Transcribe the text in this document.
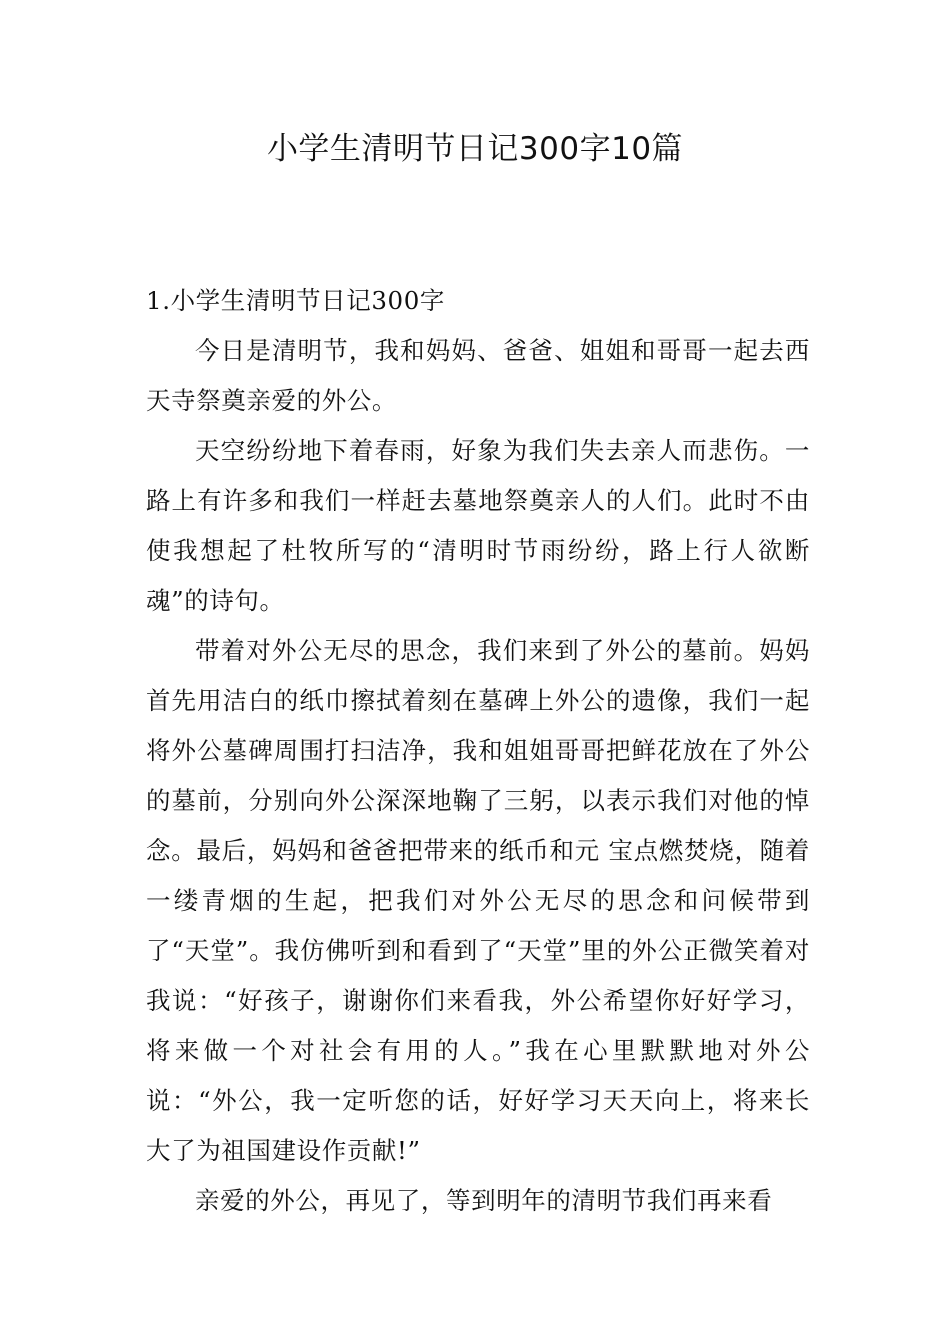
小学生清明节日记300字10篇
1.小学生清明节日记300字

今日是清明节，我和妈妈、爸爸、姐姐和哥哥一起去西天寺祭奠亲爱的外公。

天空纷纷地下着春雨，好象为我们失去亲人而悲伤。一路上有许多和我们一样赶去墓地祭奠亲人的人们。此时不由使我想起了杜牧所写的“清明时节雨纷纷，路上行人欲断魂”的诗句。

带着对外公无尽的思念，我们来到了外公的墓前。妈妈首先用洁白的纸巾擦拭着刻在墓碑上外公的遗像，我们一起将外公墓碑周围打扫洁净，我和姐姐哥哥把鲜花放在了外公的墓前，分别向外公深深地鞠了三躬，以表示我们对他的悼念。最后，妈妈和爸爸把带来的纸币和元 宝点燃焚烧，随着一缕青烟的生起，把我们对外公无尽的思念和问候带到了“天堂”。我仿佛听到和看到了“天堂”里的外公正微笑着对我说：“好孩子，谢谢你们来看我，外公希望你好好学习，将来做一个对社会有用的人。”我在心里默默地对外公说：“外公，我一定听您的话，好好学习天天向上，将来长大了为祖国建设作贡献!”

亲爱的外公，再见了，等到明年的清明节我们再来看
